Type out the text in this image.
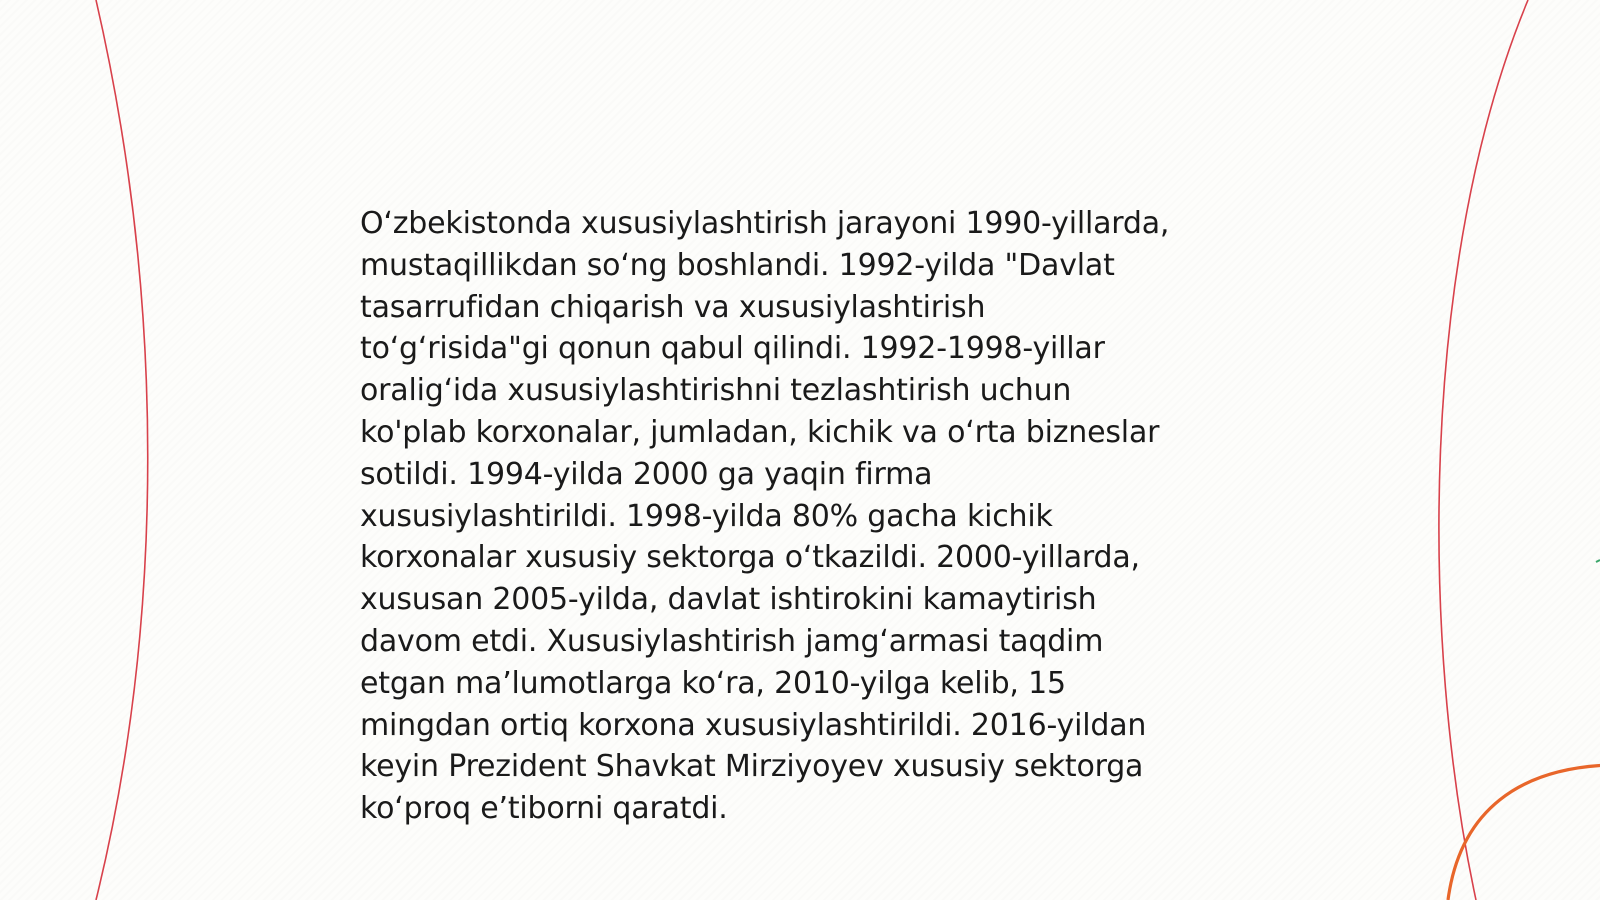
O‘zbekistonda xususiylashtirish jarayoni 1990-yillarda,
mustaqillikdan so‘ng boshlandi. 1992-yilda "Davlat
tasarrufidan chiqarish va xususiylashtirish
to‘g‘risida"gi qonun qabul qilindi. 1992-1998-yillar
oralig‘ida xususiylashtirishni tezlashtirish uchun
ko'plab korxonalar, jumladan, kichik va o‘rta bizneslar
sotildi. 1994-yilda 2000 ga yaqin firma
xususiylashtirildi. 1998-yilda 80% gacha kichik
korxonalar xususiy sektorga o‘tkazildi. 2000-yillarda,
xususan 2005-yilda, davlat ishtirokini kamaytirish
davom etdi. Xususiylashtirish jamg‘armasi taqdim
etgan ma’lumotlarga ko‘ra, 2010-yilga kelib, 15
mingdan ortiq korxona xususiylashtirildi. 2016-yildan
keyin Prezident Shavkat Mirziyoyev xususiy sektorga
ko‘proq e’tiborni qaratdi.
